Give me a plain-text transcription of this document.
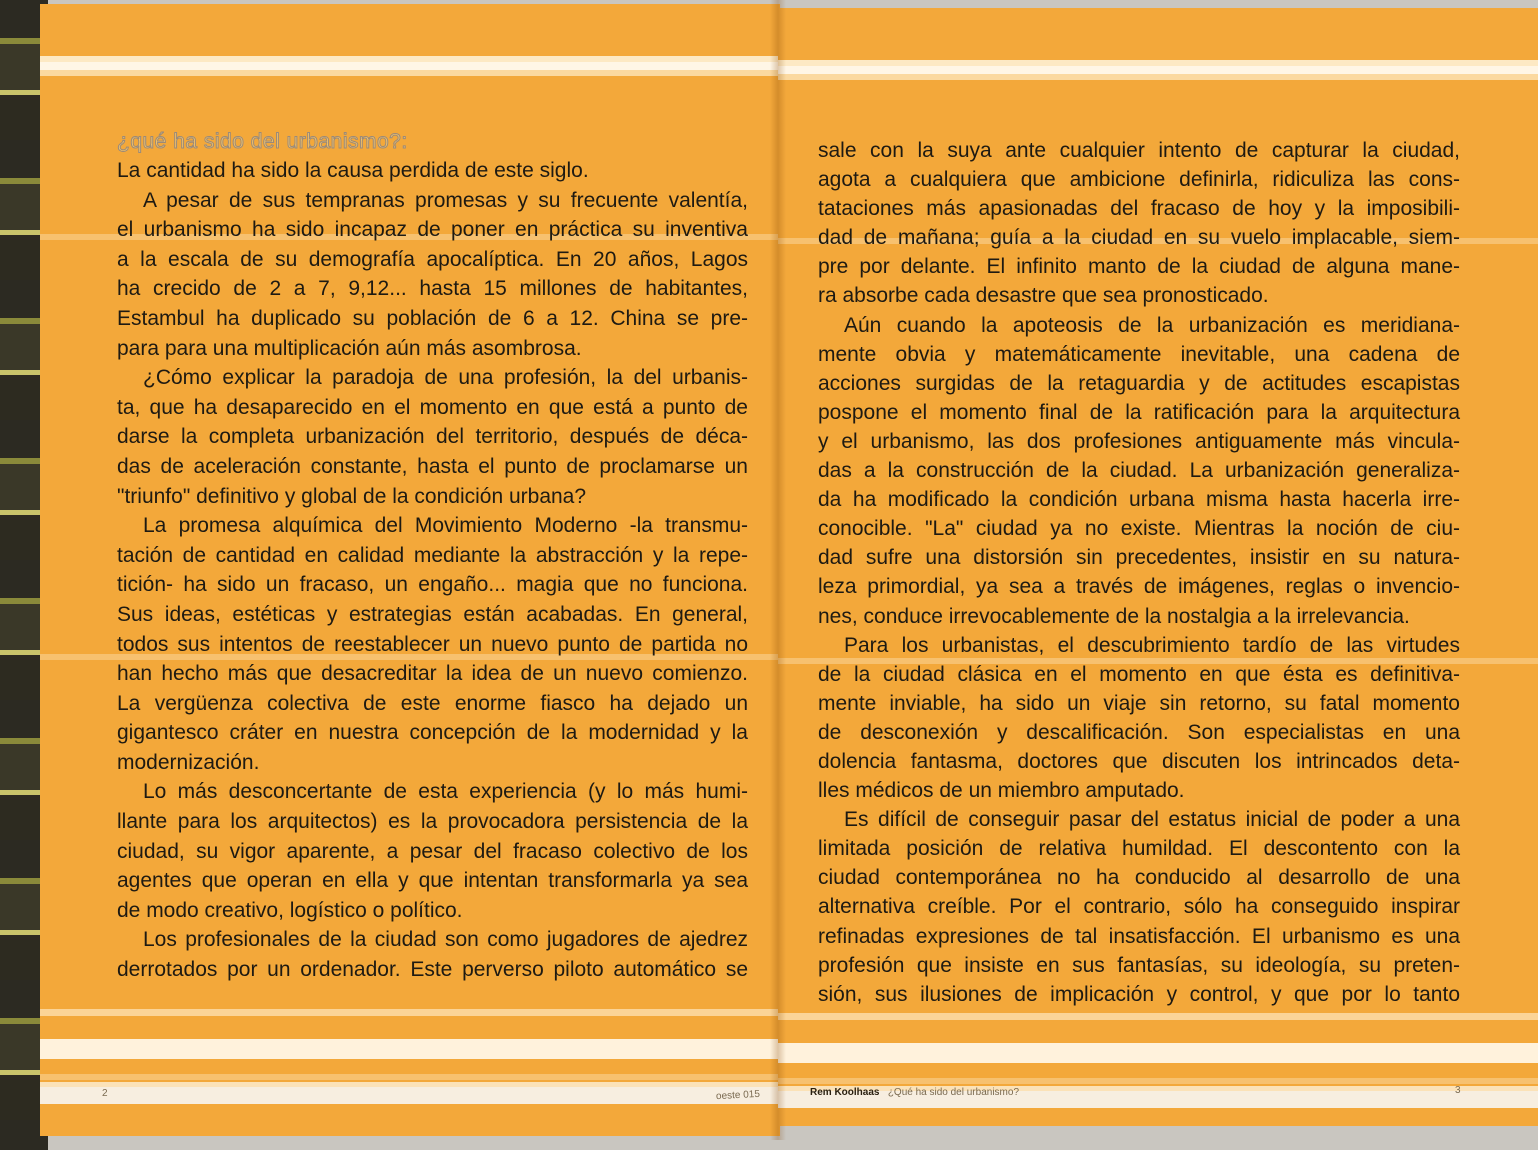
¿qué ha sido del urbanismo?:
La cantidad ha sido la causa perdida de este siglo.
A pesar de sus tempranas promesas y su frecuente valentía,
el urbanismo ha sido incapaz de poner en práctica su inventiva
a la escala de su demografía apocalíptica. En 20 años, Lagos
ha crecido de 2 a 7, 9,12... hasta 15 millones de habitantes,
Estambul ha duplicado su población de 6 a 12. China se pre-
para para una multiplicación aún más asombrosa.
¿Cómo explicar la paradoja de una profesión, la del urbanis-
ta, que ha desaparecido en el momento en que está a punto de
darse la completa urbanización del territorio, después de déca-
das de aceleración constante, hasta el punto de proclamarse un
"triunfo" definitivo y global de la condición urbana?
La promesa alquímica del Movimiento Moderno -la transmu-
tación de cantidad en calidad mediante la abstracción y la repe-
tición- ha sido un fracaso, un engaño... magia que no funciona.
Sus ideas, estéticas y estrategias están acabadas. En general,
todos sus intentos de reestablecer un nuevo punto de partida no
han hecho más que desacreditar la idea de un nuevo comienzo.
La vergüenza colectiva de este enorme fiasco ha dejado un
gigantesco cráter en nuestra concepción de la modernidad y la
modernización.
Lo más desconcertante de esta experiencia (y lo más humi-
llante para los arquitectos) es la provocadora persistencia de la
ciudad, su vigor aparente, a pesar del fracaso colectivo de los
agentes que operan en ella y que intentan transformarla ya sea
de modo creativo, logístico o político.
Los profesionales de la ciudad son como jugadores de ajedrez
derrotados por un ordenador. Este perverso piloto automático se
2	oeste 015
sale con la suya ante cualquier intento de capturar la ciudad,
agota a cualquiera que ambicione definirla, ridiculiza las cons-
tataciones más apasionadas del fracaso de hoy y la imposibili-
dad de mañana; guía a la ciudad en su vuelo implacable, siem-
pre por delante. El infinito manto de la ciudad de alguna mane-
ra absorbe cada desastre que sea pronosticado.
Aún cuando la apoteosis de la urbanización es meridiana-
mente obvia y matemáticamente inevitable, una cadena de
acciones surgidas de la retaguardia y de actitudes escapistas
pospone el momento final de la ratificación para la arquitectura
y el urbanismo, las dos profesiones antiguamente más vincula-
das a la construcción de la ciudad. La urbanización generaliza-
da ha modificado la condición urbana misma hasta hacerla irre-
conocible. "La" ciudad ya no existe. Mientras la noción de ciu-
dad sufre una distorsión sin precedentes, insistir en su natura-
leza primordial, ya sea a través de imágenes, reglas o invencio-
nes, conduce irrevocablemente de la nostalgia a la irrelevancia.
Para los urbanistas, el descubrimiento tardío de las virtudes
de la ciudad clásica en el momento en que ésta es definitiva-
mente inviable, ha sido un viaje sin retorno, su fatal momento
de desconexión y descalificación. Son especialistas en una
dolencia fantasma, doctores que discuten los intrincados deta-
lles médicos de un miembro amputado.
Es difícil de conseguir pasar del estatus inicial de poder a una
limitada posición de relativa humildad. El descontento con la
ciudad contemporánea no ha conducido al desarrollo de una
alternativa creíble. Por el contrario, sólo ha conseguido inspirar
refinadas expresiones de tal insatisfacción. El urbanismo es una
profesión que insiste en sus fantasías, su ideología, su preten-
sión, sus ilusiones de implicación y control, y que por lo tanto
Rem Koolhaas ¿Qué ha sido del urbanismo?	3
